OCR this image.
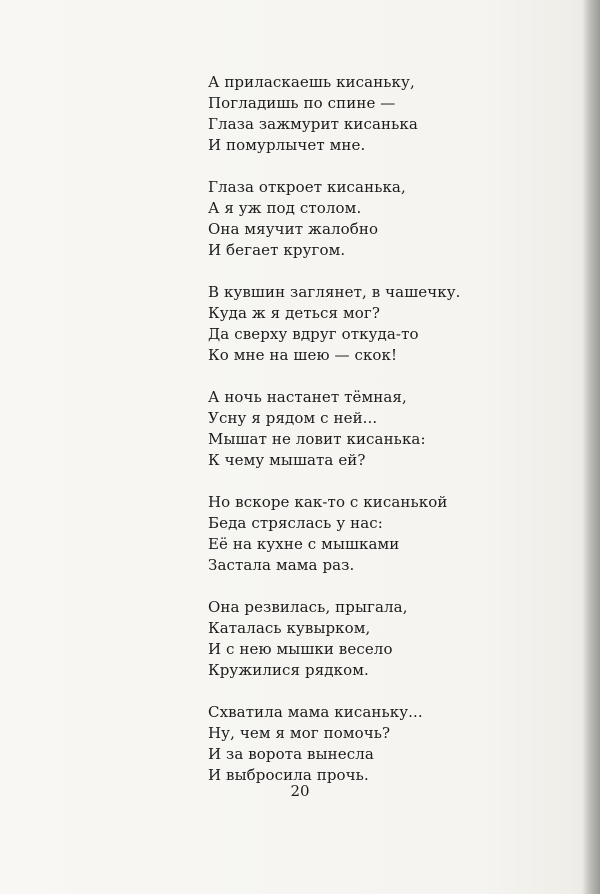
А приласкаешь кисаньку,
Погладишь по спине —
Глаза зажмурит кисанька
И помурлычет мне.
Глаза откроет кисанька,
А я уж под столом.
Она мяучит жалобно
И бегает кругом.
В кувшин заглянет, в чашечку.
Куда ж я деться мог?
Да сверху вдруг откуда-то
Ко мне на шею — скок!
А ночь настанет тёмная,
Усну я рядом с ней...
Мышат не ловит кисанька:
К чему мышата ей?
Но вскоре как-то с кисанькой
Беда стряслась у нас:
Её на кухне с мышками
Застала мама раз.
Она резвилась, прыгала,
Каталась кувырком,
И с нею мышки весело
Кружилися рядком.
Схватила мама кисаньку...
Ну, чем я мог помочь?
И за ворота вынесла
И выбросила прочь.
20
